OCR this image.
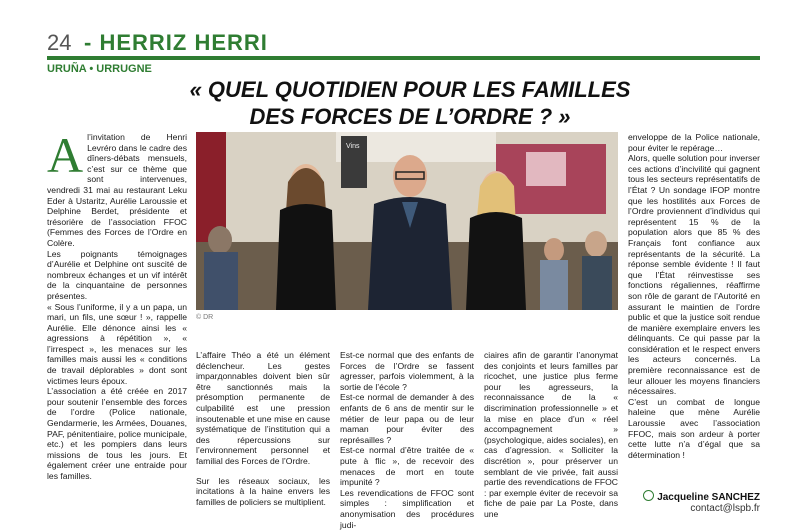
24 - HERRIZ HERRI
URUÑA • URRUGNE
« QUEL QUOTIDIEN POUR LES FAMILLES
DES FORCES DE L’ORDRE ? »
A l’invitation de Henri Levréro dans le cadre des dîners-débats mensuels, c’est sur ce thème que sont intervenues, vendredi 31 mai au restaurant Leku Eder à Ustaritz, Aurélie Laroussie et Delphine Berdet, présidente et trésorière de l’association FFOC (Femmes des Forces de l’Ordre en Colère.

Les poignants témoignages d’Aurélie et Delphine ont suscité de nombreux échanges et un vif intérêt de la cinquantaine de personnes présentes.

« Sous l’uniforme, il y a un papa, un mari, un fils, une sœur ! », rappelle Aurélie. Elle dénonce ainsi les « agressions à répétition », « l’irrespect », les menaces sur les familles mais aussi les « conditions de travail déplorables » dont sont victimes leurs époux.

L’association a été créée en 2017 pour soutenir l’ensemble des forces de l’ordre (Police nationale, Gendarmerie, les Armées, Douanes, PAF, pénitentiaire, police municipale, etc.) et les pompiers dans leurs missions de tous les jours. Et également créer une entraide pour les familles.

Vins
© DR

L’affaire Théo a été un élément déclencheur. Les gestes imparдonnables doivent bien sûr être sanctionnés mais la présomption permanente de culpabilité est une pression insoutenable et une mise en cause systématique de l’institution qui a des répercussions sur l’environnement personnel et familial des Forces de l’Ordre.

Sur les réseaux sociaux, les incitations à la haine envers les familles de policiers se multiplient.

Est-ce normal que des enfants de Forces de l’Ordre se fassent agresser, parfois violemment, à la sortie de l’école ?

Est-ce normal de demander à des enfants de 6 ans de mentir sur le métier de leur papa ou de leur maman pour éviter des représailles ?

Est-ce normal d’être traitée de « pute à flic », de recevoir des menaces de mort en toute impunité ?

Les revendications de FFOC sont simples : simplification et anonymisation des procédures judi-

ciaires afin de garantir l’anonymat des conjoints et leurs familles par ricochet, une justice plus ferme pour les agresseurs, la reconnaissance de la « discrimination professionnelle » et la mise en place d’un « réel accompagnement » (psychologique, aides sociales), en cas d’agression. « Solliciter la discrétion », pour préserver un semblant de vie privée, fait aussi partie des revendications de FFOC : par exemple éviter de recevoir sa fiche de paie par La Poste, dans une

enveloppe de la Police nationale, pour éviter le repérage…

Alors, quelle solution pour inverser ces actions d’incivilité qui gagnent tous les secteurs représentatifs de l’État ? Un sondage IFOP montre que les hostilités aux Forces de l’Ordre proviennent d’individus qui représentent 15 % de la population alors que 85 % des Français font confiance aux représentants de la sécurité. La réponse semble évidente ! Il faut que l’État réinvestisse ses fonctions régaliennes, réaffirme son rôle de garant de l’Autorité en assurant le maintien de l’ordre public et que la justice soit rendue de manière exemplaire envers les délinquants. Ce qui passe par la considération et le respect envers les acteurs concernés. La première reconnaissance est de leur allouer les moyens financiers nécessaires.

C’est un combat de longue haleine que mène Aurélie Laroussie avec l’association FFOC, mais son ardeur à porter cette lutte n’a d’égal que sa détermination !

Jacqueline SANCHEZ
contact@lspb.fr
